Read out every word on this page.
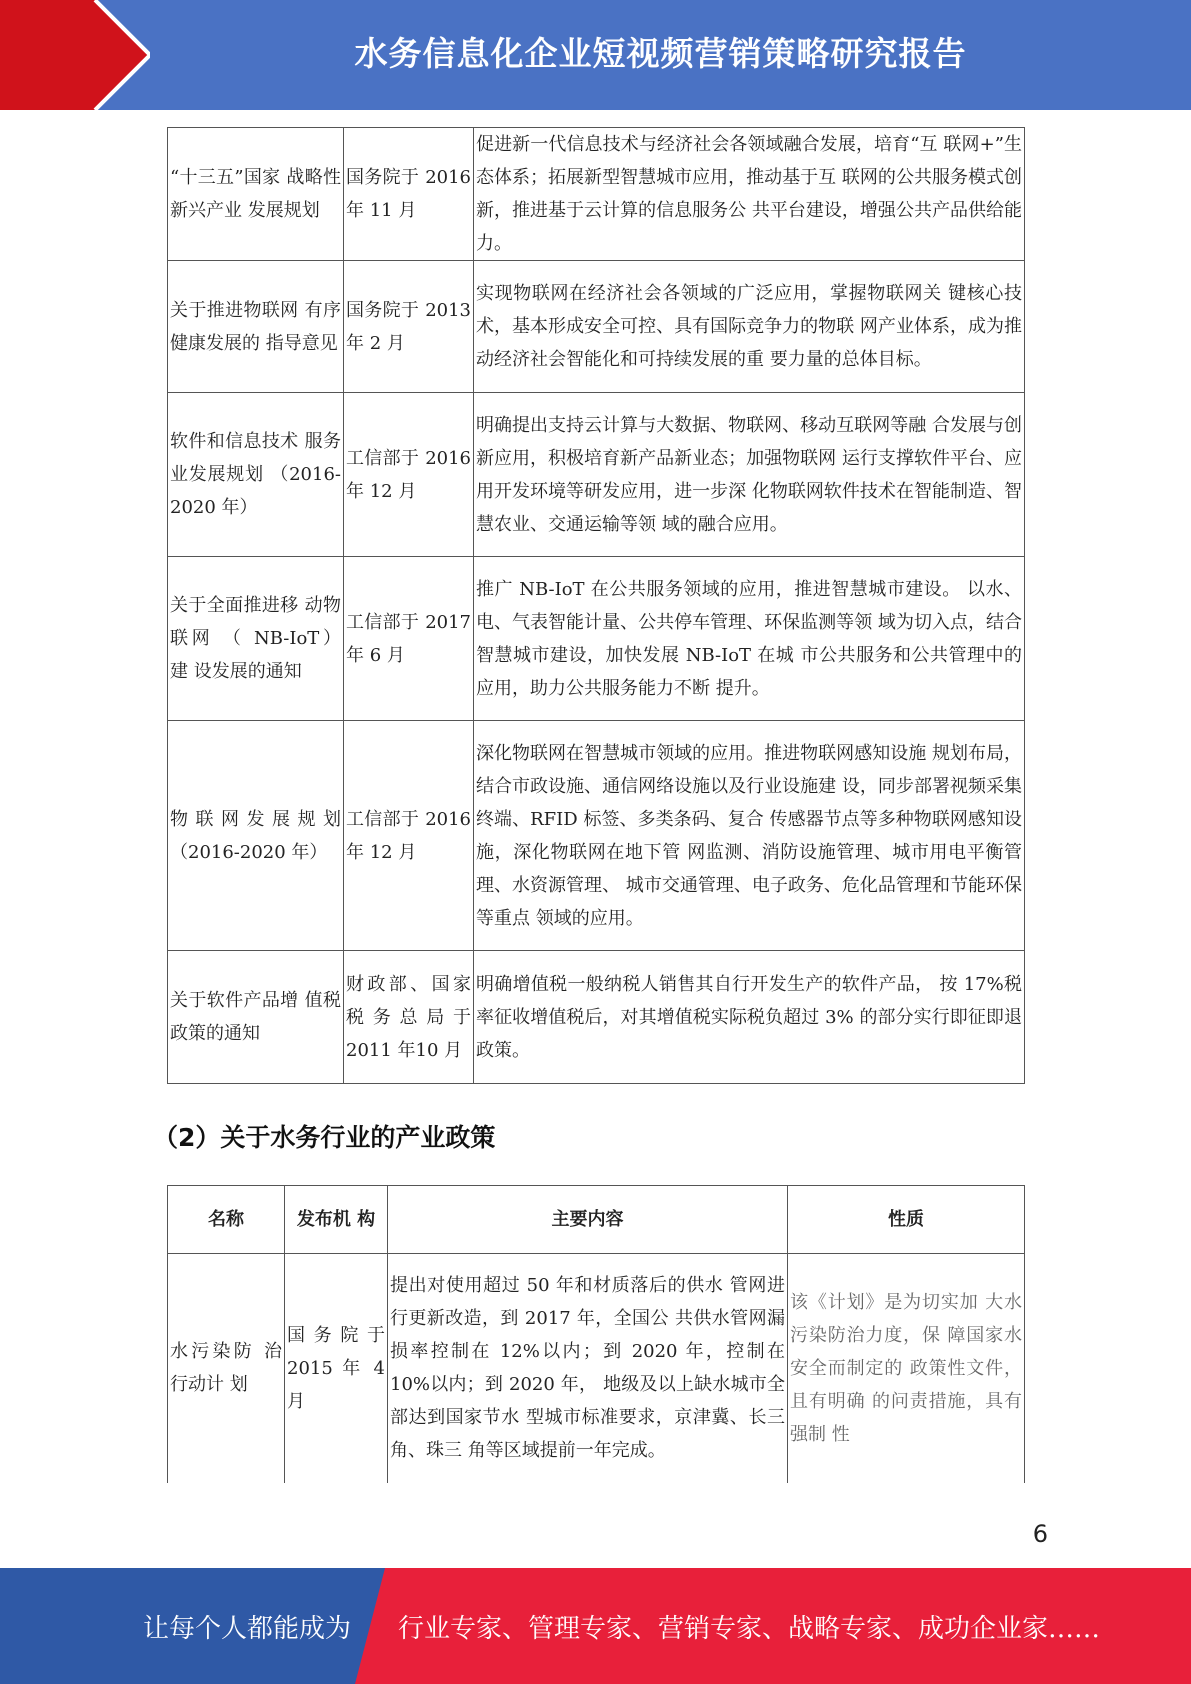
水务信息化企业短视频营销策略研究报告
“十三五”国家 战略性新兴产业 发展规划	国务院于 2016 年 11 月	促进新一代信息技术与经济社会各领域融合发展，培育“互 联网+”生态体系；拓展新型智慧城市应用，推动基于互 联网的公共服务模式创新，推进基于云计算的信息服务公 共平台建设，增强公共产品供给能力。
关于推进物联网 有序健康发展的 指导意见	国务院于 2013 年 2 月	实现物联网在经济社会各领域的广泛应用，掌握物联网关 键核心技术，基本形成安全可控、具有国际竞争力的物联 网产业体系，成为推动经济社会智能化和可持续发展的重 要力量的总体目标。
软件和信息技术 服务业发展规划 （2016-2020 年）	工信部于 2016 年 12 月	明确提出支持云计算与大数据、物联网、移动互联网等融 合发展与创新应用，积极培育新产品新业态；加强物联网 运行支撑软件平台、应用开发环境等研发应用，进一步深 化物联网软件技术在智能制造、智慧农业、交通运输等领 域的融合应用。
关于全面推进移 动物联网 （ NB-IoT） 建 设发展的通知	工信部于 2017 年 6 月	推广 NB-IoT 在公共服务领域的应用，推进智慧城市建设。 以水、电、气表智能计量、公共停车管理、环保监测等领 域为切入点，结合智慧城市建设，加快发展 NB-IoT 在城 市公共服务和公共管理中的应用，助力公共服务能力不断 提升。
物联网发展规划 （2016-2020 年）	工信部于 2016 年 12 月	深化物联网在智慧城市领域的应用。推进物联网感知设施 规划布局，结合市政设施、通信网络设施以及行业设施建 设，同步部署视频采集终端、RFID 标签、多类条码、复合 传感器节点等多种物联网感知设施，深化物联网在地下管 网监测、消防设施管理、城市用电平衡管理、水资源管理、 城市交通管理、电子政务、危化品管理和节能环保等重点 领域的应用。
关于软件产品增 值税政策的通知	财政部、国家税务总局于 2011 年10 月	明确增值税一般纳税人销售其自行开发生产的软件产品， 按 17%税率征收增值税后，对其增值税实际税负超过 3% 的部分实行即征即退政策。
（2）关于水务行业的产业政策
名称	发布机 构	主要内容	性质
水污染防 治行动计 划	国务院于 2015 年 4 月	提出对使用超过 50 年和材质落后的供水 管网进行更新改造，到 2017 年，全国公 共供水管网漏损率控制在 12%以内；到 2020 年，控制在 10%以内；到 2020 年， 地级及以上缺水城市全部达到国家节水 型城市标准要求，京津冀、长三角、珠三 角等区域提前一年完成。	该《计划》是为切实加 大水污染防治力度，保 障国家水安全而制定的 政策性文件，且有明确 的问责措施，具有强制 性
6
让每个人都能成为 行业专家、管理专家、营销专家、战略专家、成功企业家……
